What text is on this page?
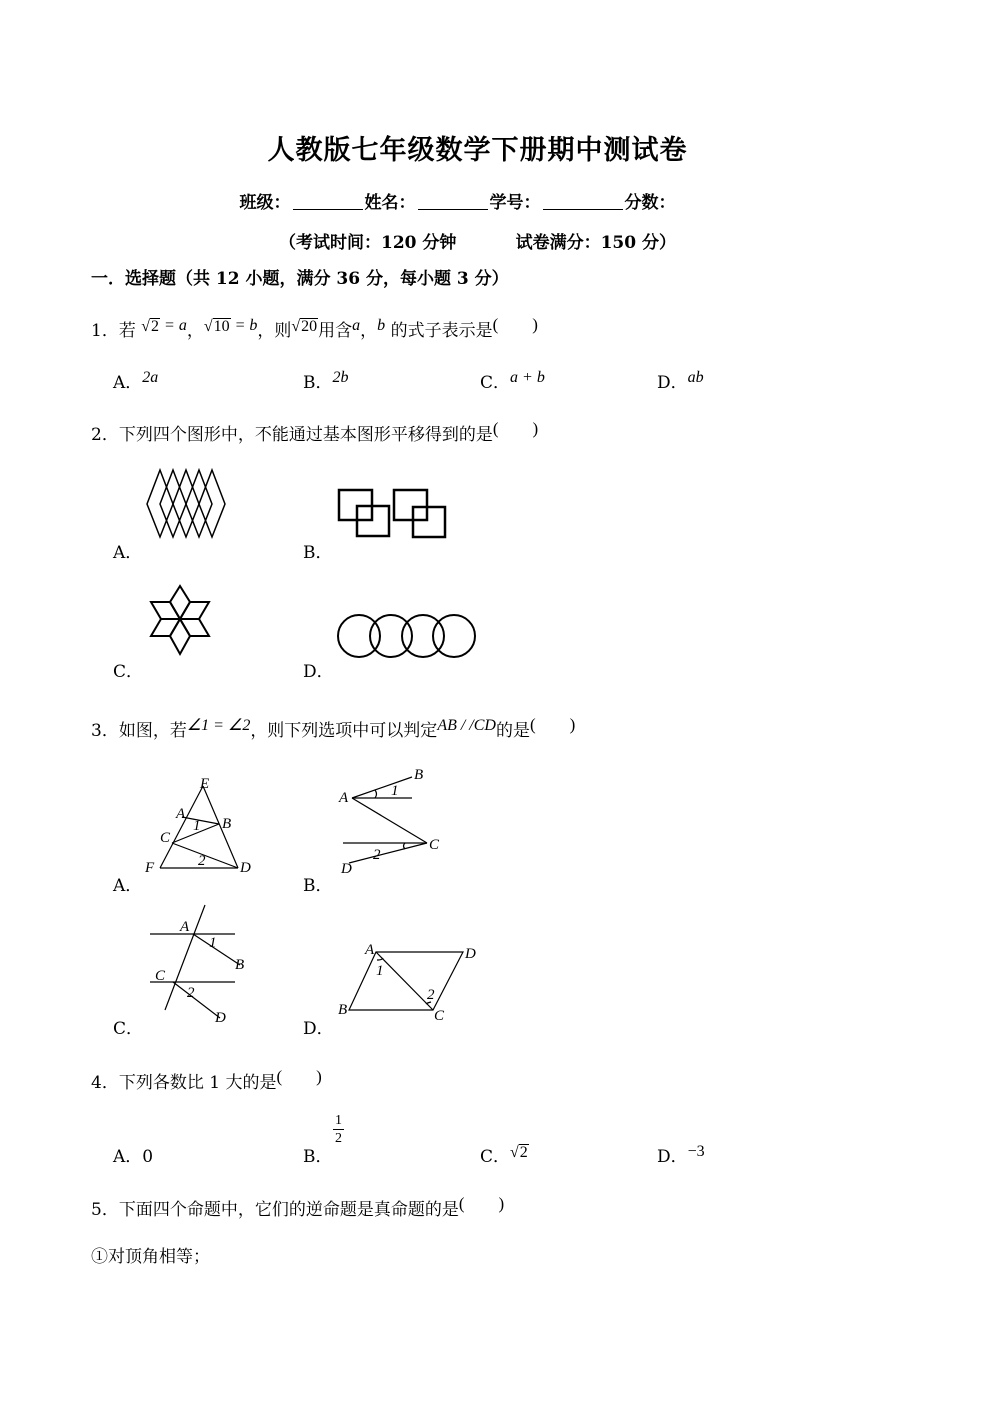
人教版七年级数学下册期中测试卷
班级：	姓名：	学号：	分数：
（考试时间：120 分钟	试卷满分：150 分）
一．选择题（共 12 小题，满分 36 分，每小题 3 分）
1．若 √2 = a，√10 = b，则√20用含a，b 的式子表示是(　　)
A．2a	B．2b	C．a + b	D．ab
2．下列四个图形中，不能通过基本图形平移得到的是(　　)
A．	B．
C．	D．
3．如图，若∠1 = ∠2，则下列选项中可以判定AB / /CD的是(　　)
E
A
C
B
F	D
1
2
A．
A
B
1
C
D
2
B．
A
1
B
C
2
D
C．
A	D
1
2
B	C
D．
4．下列各数比 1 大的是(　　)
A．0	B．
$\frac{1}{2}$
C．√2	D．−3
5．下面四个命题中，它们的逆命题是真命题的是(　　)
①对顶角相等；
